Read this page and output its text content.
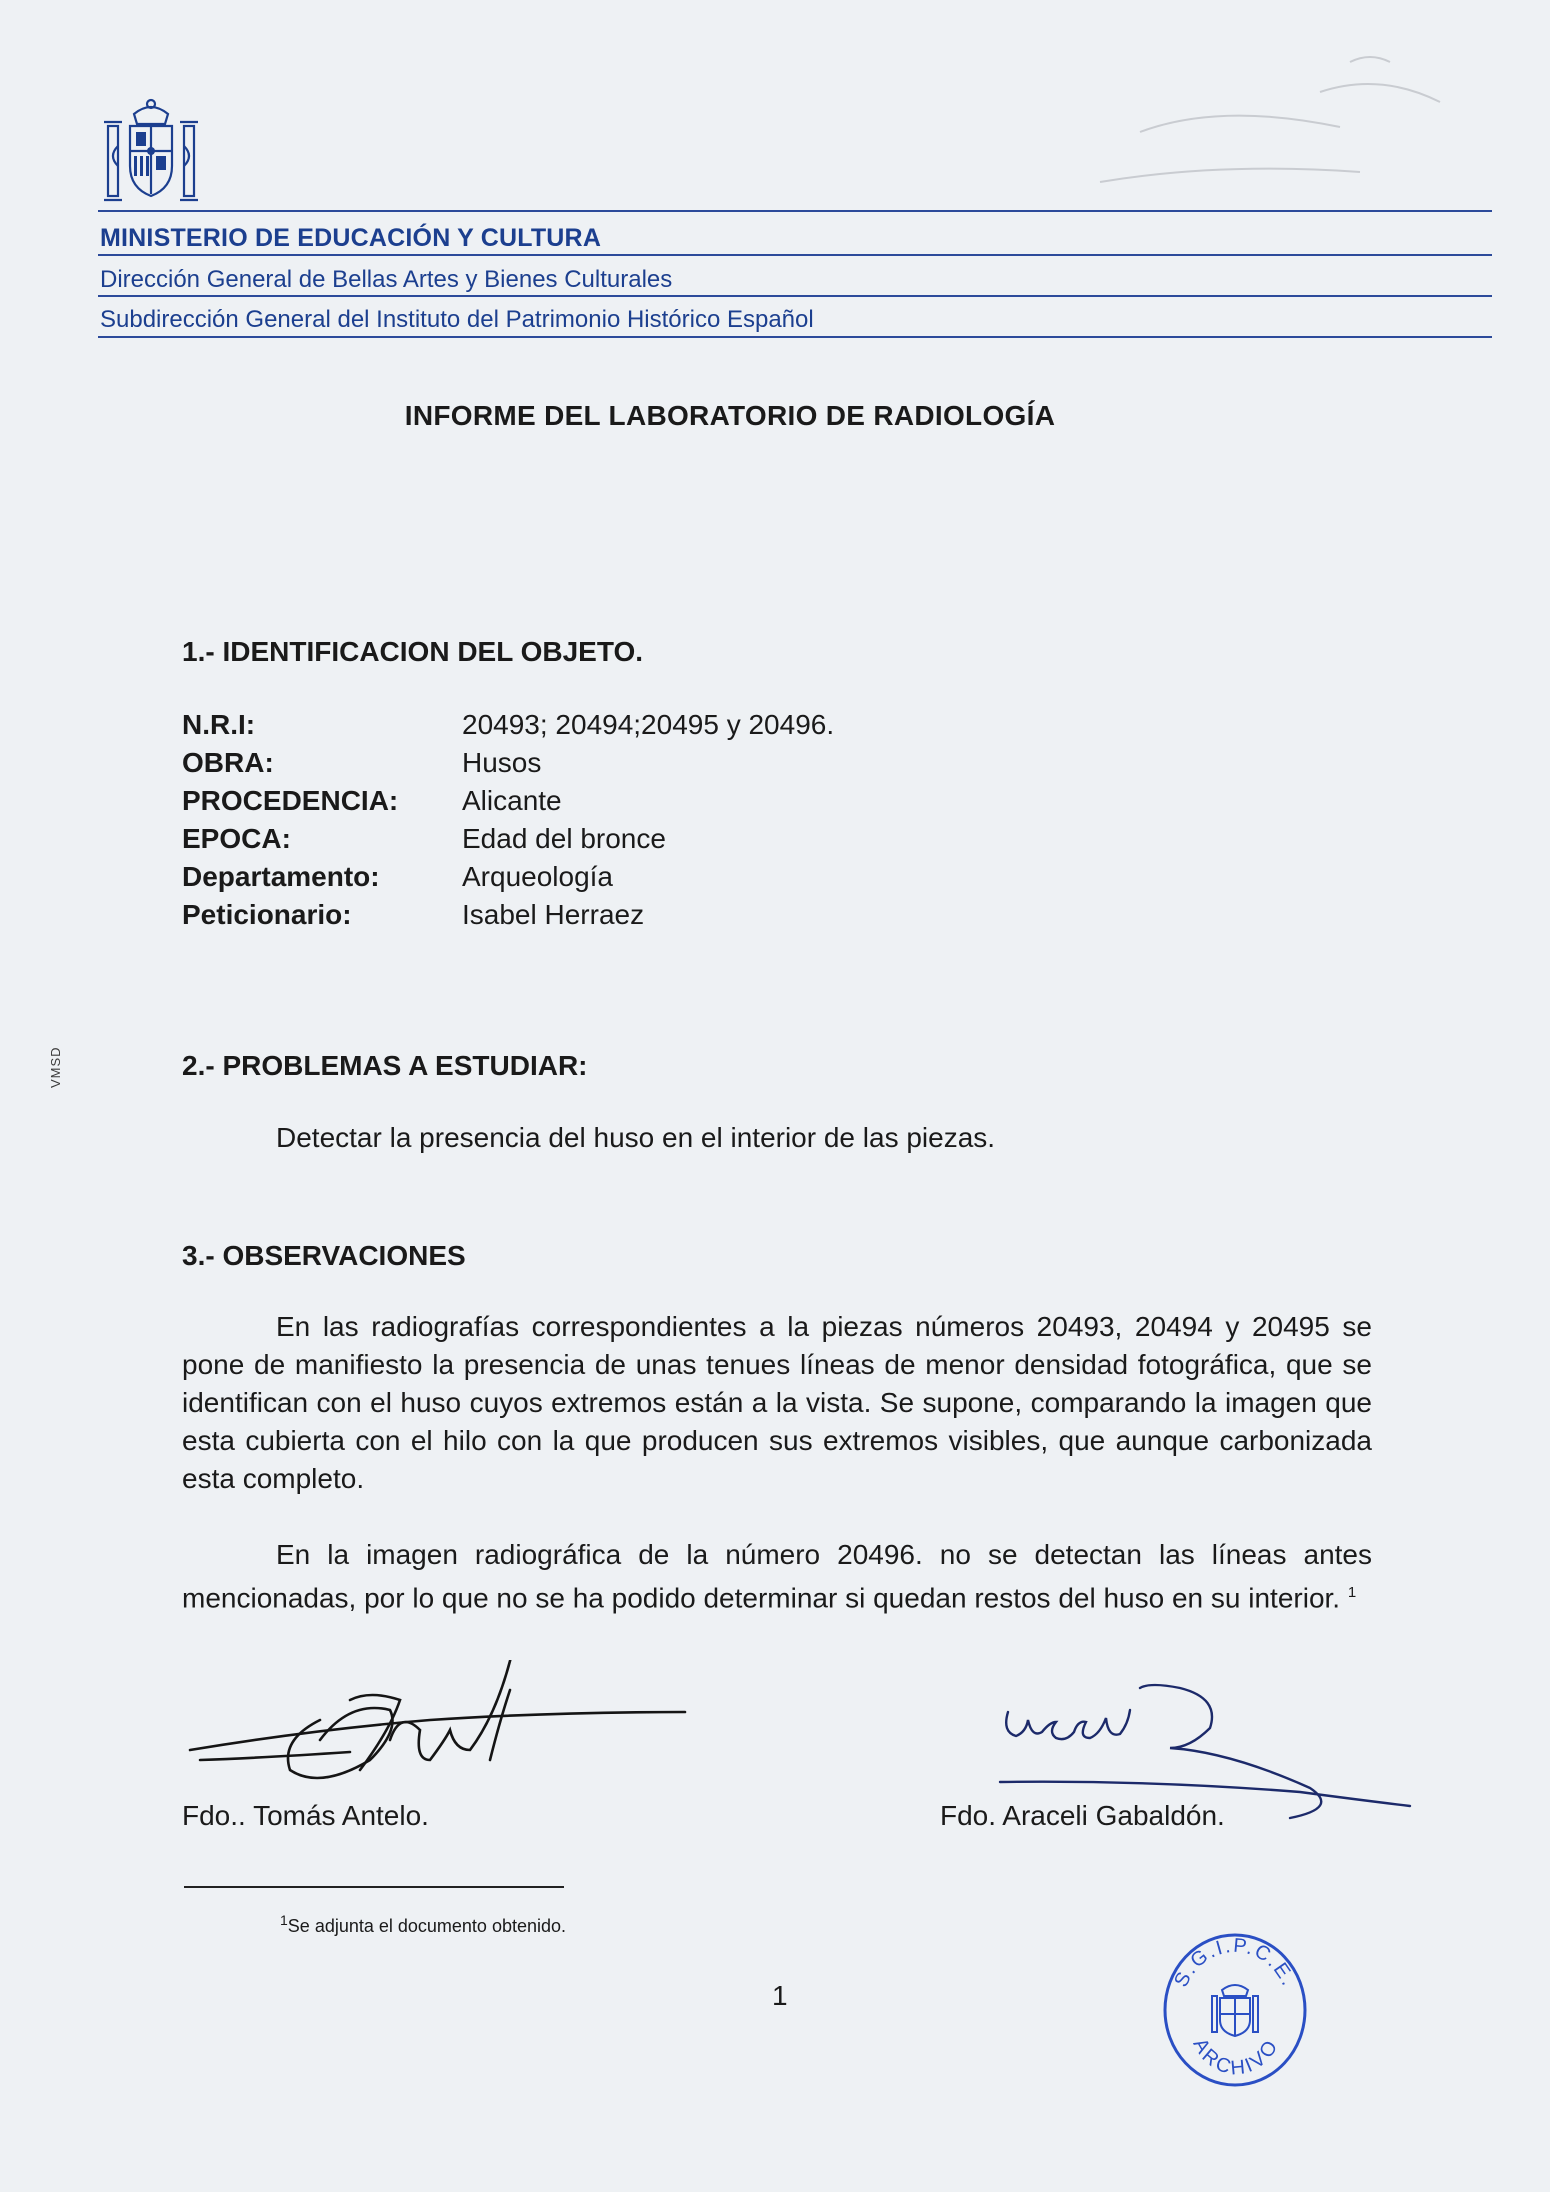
MINISTERIO DE EDUCACIÓN Y CULTURA
Dirección General de Bellas Artes y Bienes Culturales
Subdirección General del Instituto del Patrimonio Histórico Español
VMSD
INFORME DEL LABORATORIO DE RADIOLOGÍA
1.- IDENTIFICACION DEL OBJETO.
N.R.I:	20493; 20494;20495 y 20496.
OBRA:	Husos
PROCEDENCIA: Alicante
EPOCA:	Edad del bronce
Departamento:	Arqueología
Peticionario:	Isabel Herraez
2.- PROBLEMAS A ESTUDIAR:
Detectar la presencia del huso en el interior de las piezas.
3.- OBSERVACIONES

En las radiografías correspondientes a la piezas números 20493, 20494 y 20495 se pone de manifiesto la presencia de unas tenues líneas de menor densidad fotográfica, que se identifican con el huso cuyos extremos están a la vista. Se supone, comparando la imagen que esta cubierta con el hilo con la que producen sus extremos visibles, que aunque carbonizada esta completo.

En la imagen radiográfica de la número 20496. no se detectan las líneas antes mencionadas, por lo que no se ha podido determinar si quedan restos del huso en su interior. $^1$

Fdo.. Tomás Antelo.	Fdo. Araceli Gabaldón.
$^1$Se adjunta el documento obtenido.
1
S.G.I.P.C.E.
ARCHIVO
